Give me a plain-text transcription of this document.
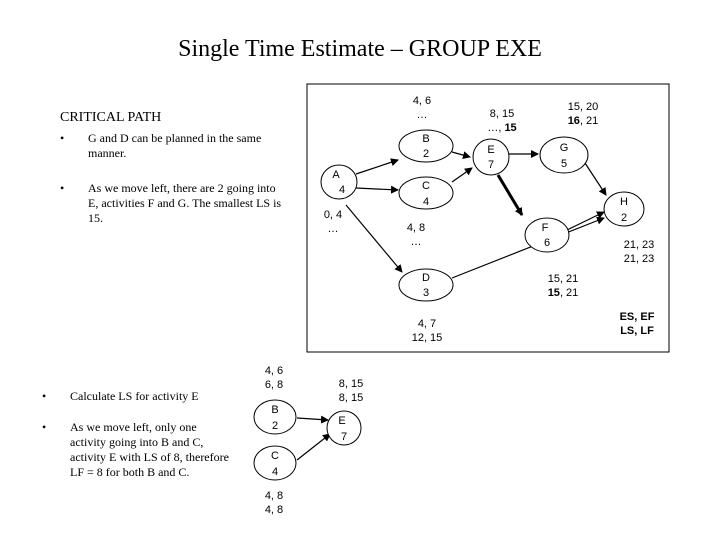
Single Time Estimate – GROUP EXE
CRITICAL PATH
• G and D can be planned in the same manner.
• As we move left, there are 2 going into E, activities F and G. The smallest LS is 15.
• Calculate LS for activity E
• As we move left, only one activity going into B and C, activity E with LS of 8, therefore LF = 8 for both B and C.
A
4
B
2
C
4
D
3
E
7
G
5
F
6
H
2
B
2
C
4
E
7
4, 6
…	8, 15
…, 15
15, 20
16, 21
0, 4
…	4, 8
…	21, 23
21, 23
15, 21
15, 21
4, 7
12, 15
ES, EF
LS, LF
4, 6
6, 8	8, 15
8, 15
4, 8
4, 8
